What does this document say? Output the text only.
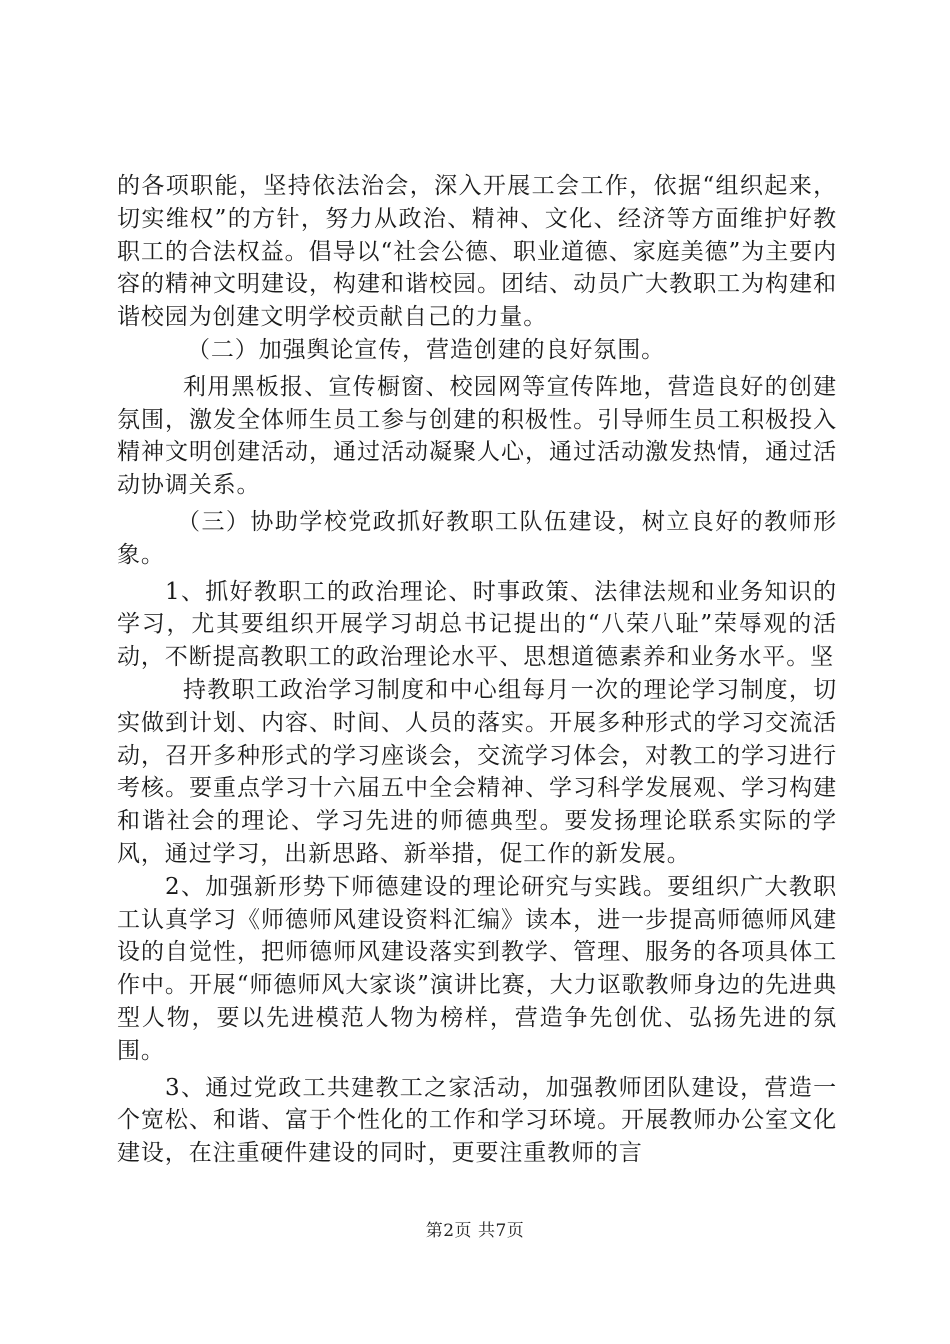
的各项职能，坚持依法治会，深入开展工会工作，依据“组织起来，切实维权”的方针，努力从政治、精神、文化、经济等方面维护好教职工的合法权益。倡导以“社会公德、职业道德、家庭美德”为主要内容的精神文明建设，构建和谐校园。团结、动员广大教职工为构建和谐校园为创建文明学校贡献自己的力量。

（二）加强舆论宣传，营造创建的良好氛围。

利用黑板报、宣传橱窗、校园网等宣传阵地，营造良好的创建氛围，激发全体师生员工参与创建的积极性。引导师生员工积极投入精神文明创建活动，通过活动凝聚人心，通过活动激发热情，通过活动协调关系。

（三）协助学校党政抓好教职工队伍建设，树立良好的教师形象。

1、抓好教职工的政治理论、时事政策、法律法规和业务知识的学习，尤其要组织开展学习胡总书记提出的“八荣八耻”荣辱观的活动，不断提高教职工的政治理论水平、思想道德素养和业务水平。坚

持教职工政治学习制度和中心组每月一次的理论学习制度，切实做到计划、内容、时间、人员的落实。开展多种形式的学习交流活动，召开多种形式的学习座谈会，交流学习体会，对教工的学习进行考核。要重点学习十六届五中全会精神、学习科学发展观、学习构建和谐社会的理论、学习先进的师德典型。要发扬理论联系实际的学风，通过学习，出新思路、新举措，促工作的新发展。

2、加强新形势下师德建设的理论研究与实践。要组织广大教职工认真学习《师德师风建设资料汇编》读本，进一步提高师德师风建设的自觉性，把师德师风建设落实到教学、管理、服务的各项具体工作中。开展“师德师风大家谈”演讲比赛，大力讴歌教师身边的先进典型人物，要以先进模范人物为榜样，营造争先创优、弘扬先进的氛围。

3、通过党政工共建教工之家活动，加强教师团队建设，营造一个宽松、和谐、富于个性化的工作和学习环境。开展教师办公室文化建设，在注重硬件建设的同时，更要注重教师的言

第2页 共7页
